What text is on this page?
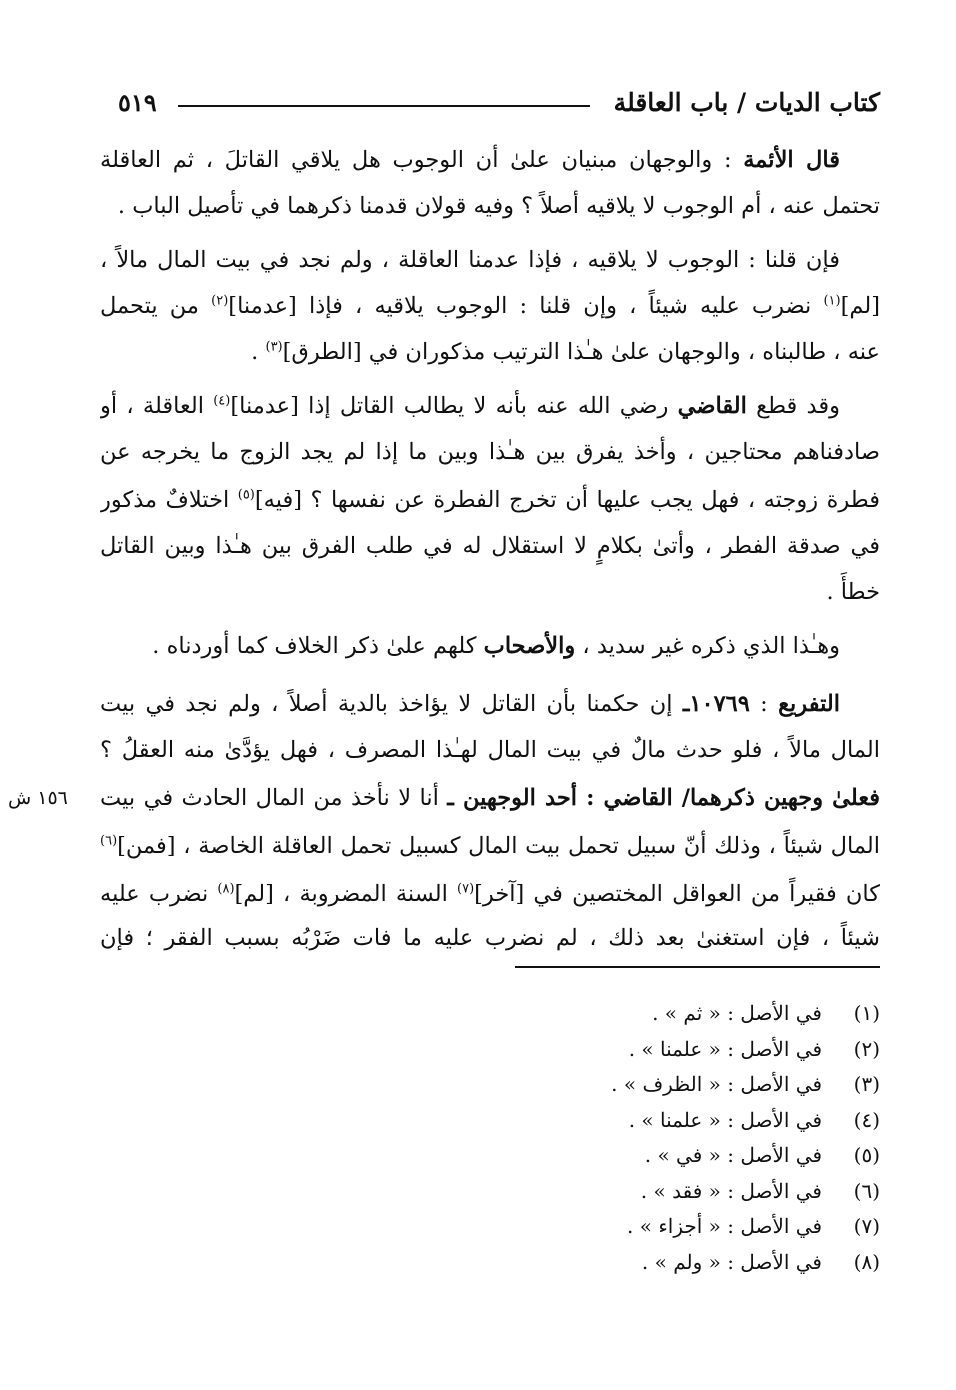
كتاب الديات / باب العاقلة
٥١٩
قال الأئمة : والوجهان مبنيان علىٰ أن الوجوب هل يلاقي القاتلَ ، ثم العاقلة
تحتمل عنه ، أم الوجوب لا يلاقيه أصلاً ؟ وفيه قولان قدمنا ذكرهما في تأصيل الباب .
فإن قلنا : الوجوب لا يلاقيه ، فإذا عدمنا العاقلة ، ولم نجد في بيت المال مالاً ،
[لم]$^{(١)}$ نضرب عليه شيئاً ، وإن قلنا : الوجوب يلاقيه ، فإذا [عدمنا]$^{(٢)}$ من يتحمل
عنه ، طالبناه ، والوجهان علىٰ هـٰذا الترتيب مذكوران في [الطرق]$^{(٣)}$ .
وقد قطع القاضي رضي الله عنه بأنه لا يطالب القاتل إذا [عدمنا]$^{(٤)}$ العاقلة ، أو
صادفناهم محتاجين ، وأخذ يفرق بين هـٰذا وبين ما إذا لم يجد الزوج ما يخرجه عن
فطرة زوجته ، فهل يجب عليها أن تخرج الفطرة عن نفسها ؟ [فيه]$^{(٥)}$ اختلافٌ مذكور
في صدقة الفطر ، وأتىٰ بكلامٍ لا استقلال له في طلب الفرق بين هـٰذا وبين القاتل
خطأً .
وهـٰذا الذي ذكره غير سديد ، والأصحاب كلهم علىٰ ذكر الخلاف كما أوردناه .
التفريع : ١٠٧٦٩ـ إن حكمنا بأن القاتل لا يؤاخذ بالدية أصلاً ، ولم نجد في بيت
المال مالاً ، فلو حدث مالٌ في بيت المال لهـٰذا المصرف ، فهل يؤدَّىٰ منه العقلُ ؟
فعلىٰ وجهين ذكرهما/ القاضي : أحد الوجهين ـ أنا لا نأخذ من المال الحادث في بيت
١٥٦ ش
المال شيئاً ، وذلك أنّ سبيل تحمل بيت المال كسبيل تحمل العاقلة الخاصة ، [فمن]$^{(٦)}$
كان فقيراً من العواقل المختصين في [آخر]$^{(٧)}$ السنة المضروبة ، [لم]$^{(٨)}$ نضرب عليه
شيئاً ، فإن استغنىٰ بعد ذلك ، لم نضرب عليه ما فات ضَرْبُه بسبب الفقر ؛ فإن
(١)في الأصل : « ثم » .
(٢)في الأصل : « علمنا » .
(٣)في الأصل : « الظرف » .
(٤)في الأصل : « علمنا » .
(٥)في الأصل : « في » .
(٦)في الأصل : « فقد » .
(٧)في الأصل : « أجزاء » .
(٨)في الأصل : « ولم » .
